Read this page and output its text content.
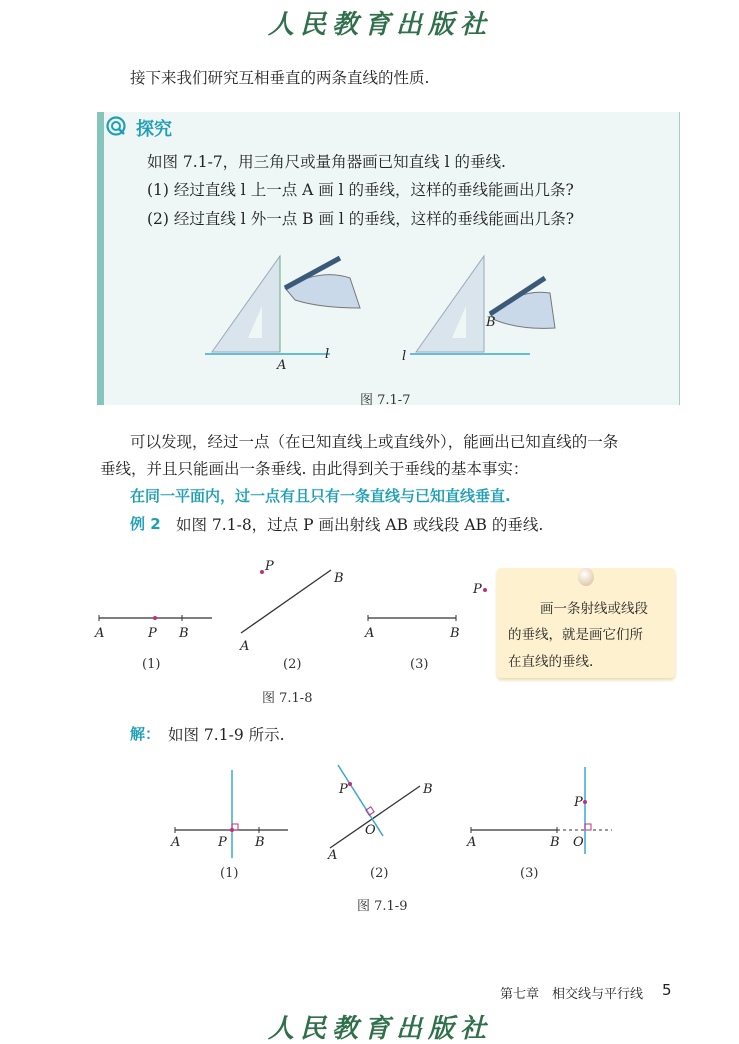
人民教育出版社
接下来我们研究互相垂直的两条直线的性质.
探究
如图 7.1-7，用三角尺或量角器画已知直线 l 的垂线.
(1) 经过直线 l 上一点 A 画 l 的垂线，这样的垂线能画出几条?
(2) 经过直线 l 外一点 B 画 l 的垂线，这样的垂线能画出几条?
A
l
B
l
图 7.1-7
可以发现，经过一点（在已知直线上或直线外），能画出已知直线的一条
垂线，并且只能画出一条垂线. 由此得到关于垂线的基本事实：
在同一平面内，过一点有且只有一条直线与已知直线垂直.
例 2 如图 7.1-8，过点 P 画出射线 AB 或线段 AB 的垂线.
A	P B
P
B
A
A	B
P
(1)	(2)	(3)
图 7.1-8
画一条射线或线段
的垂线，就是画它们所
在直线的垂线.
解： 如图 7.1-9 所示.
A	P B
P	B
O
A
P
A	B O
(1)	(2)	(3)
图 7.1-9
第七章　相交线与平行线 5
人民教育出版社
